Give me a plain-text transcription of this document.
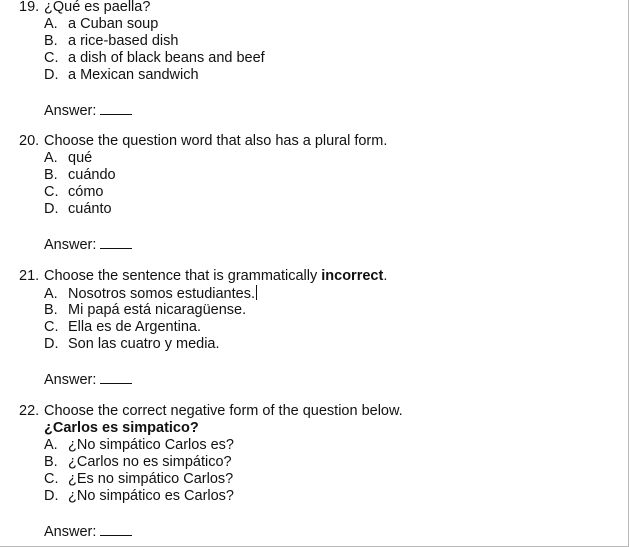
19. ¿Qué es paella?
A. a Cuban soup
B. a rice-based dish
C. a dish of black beans and beef
D. a Mexican sandwich
Answer:
20. Choose the question word that also has a plural form.
A. qué
B. cuándo
C. cómo
D. cuánto
Answer:
21. Choose the sentence that is grammatically incorrect.
A. Nosotros somos estudiantes.
B. Mi papá está nicaragüense.
C. Ella es de Argentina.
D. Son las cuatro y media.
Answer:
22. Choose the correct negative form of the question below.
¿Carlos es simpatico?
A. ¿No simpático Carlos es?
B. ¿Carlos no es simpático?
C. ¿Es no simpático Carlos?
D. ¿No simpático es Carlos?
Answer:
